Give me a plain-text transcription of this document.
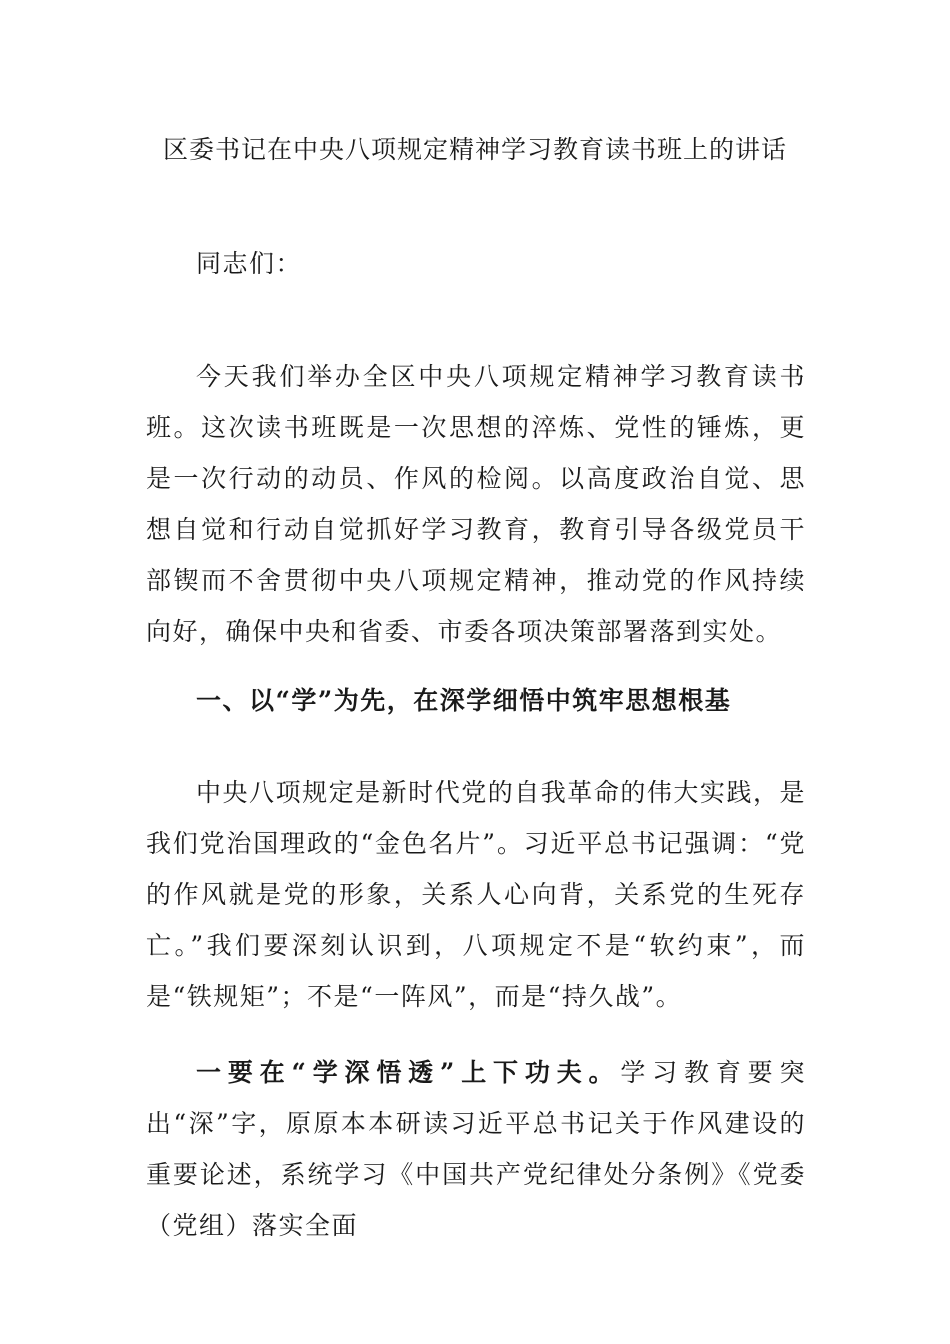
区委书记在中央八项规定精神学习教育读书班上的讲话

同志们：

今天我们举办全区中央八项规定精神学习教育读书班。这次读书班既是一次思想的淬炼、党性的锤炼，更是一次行动的动员、作风的检阅。以高度政治自觉、思想自觉和行动自觉抓好学习教育，教育引导各级党员干部锲而不舍贯彻中央八项规定精神，推动党的作风持续向好，确保中央和省委、市委各项决策部署落到实处。

一、以“学”为先，在深学细悟中筑牢思想根基

中央八项规定是新时代党的自我革命的伟大实践，是我们党治国理政的“金色名片”。习近平总书记强调：“党的作风就是党的形象，关系人心向背，关系党的生死存亡。”我们要深刻认识到，八项规定不是“软约束”，而是“铁规矩”；不是“一阵风”，而是“持久战”。

一要在“学深悟透”上下功夫。学习教育要突出“深”字，原原本本研读习近平总书记关于作风建设的重要论述，系统学习《中国共产党纪律处分条例》《党委（党组）落实全面
